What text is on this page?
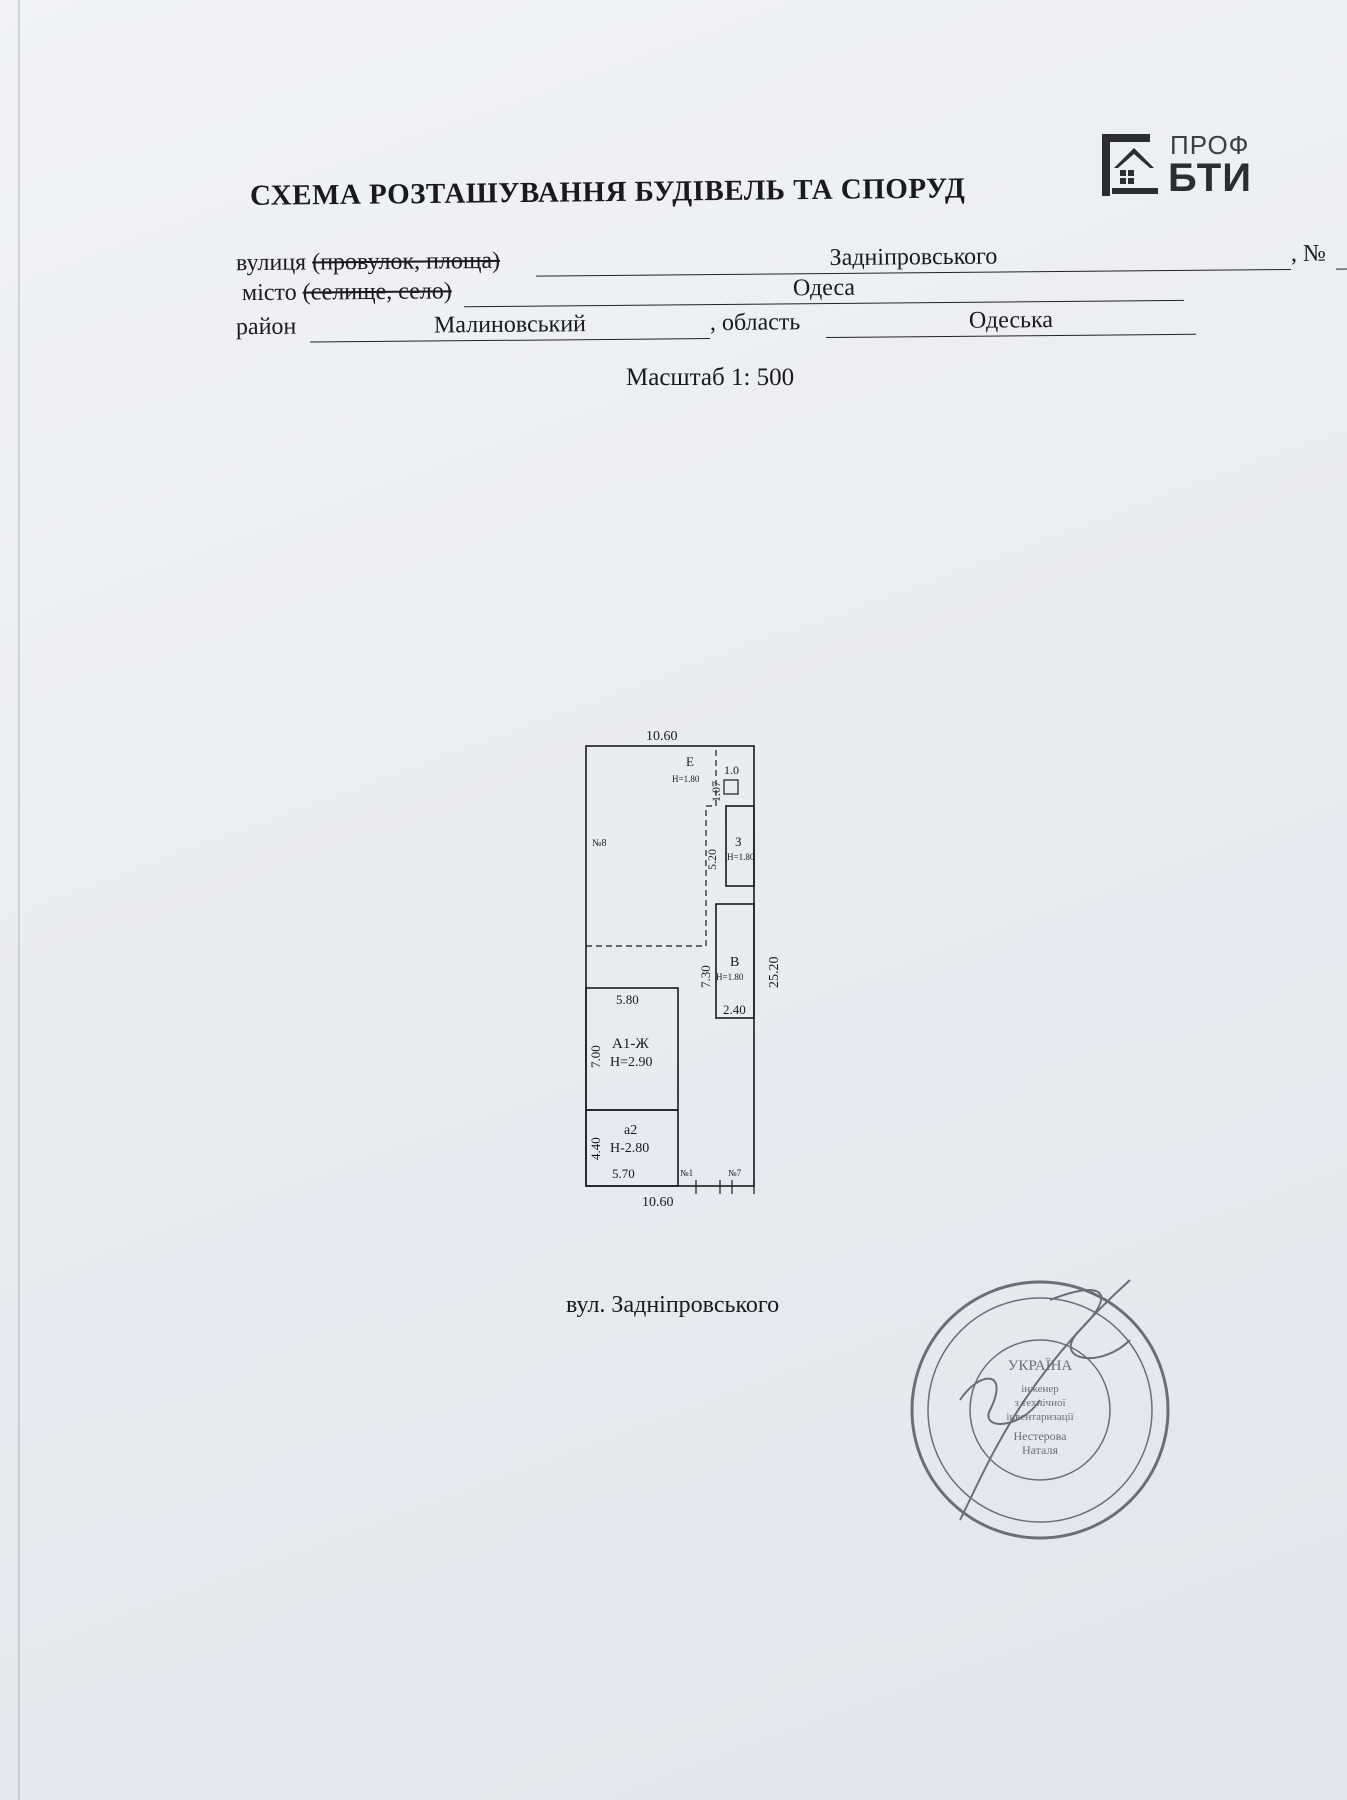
ПРОФ
БТИ
СХЕМА РОЗТАШУВАННЯ БУДІВЕЛЬ ТА СПОРУД
вулиця (провулок, площа)	Задніпровського	, №
місто (селище, село)	Одеса
район	Малиновський	, область	Одеська
Масштаб 1: 500
10.60
10.60
25.20
№8
Е
Н=1.80
1.0
1.07
З
Н=1.80
5.20
В
Н=1.80
7.30
2.40
5.80
А1-Ж
Н=2.90
7.00
а2
Н-2.80
4.40
5.70	№1	№7
вул. Задніпровського
УКРАЇНА
інженер
з технічної
інвентаризації
Нестерова
Наталя
